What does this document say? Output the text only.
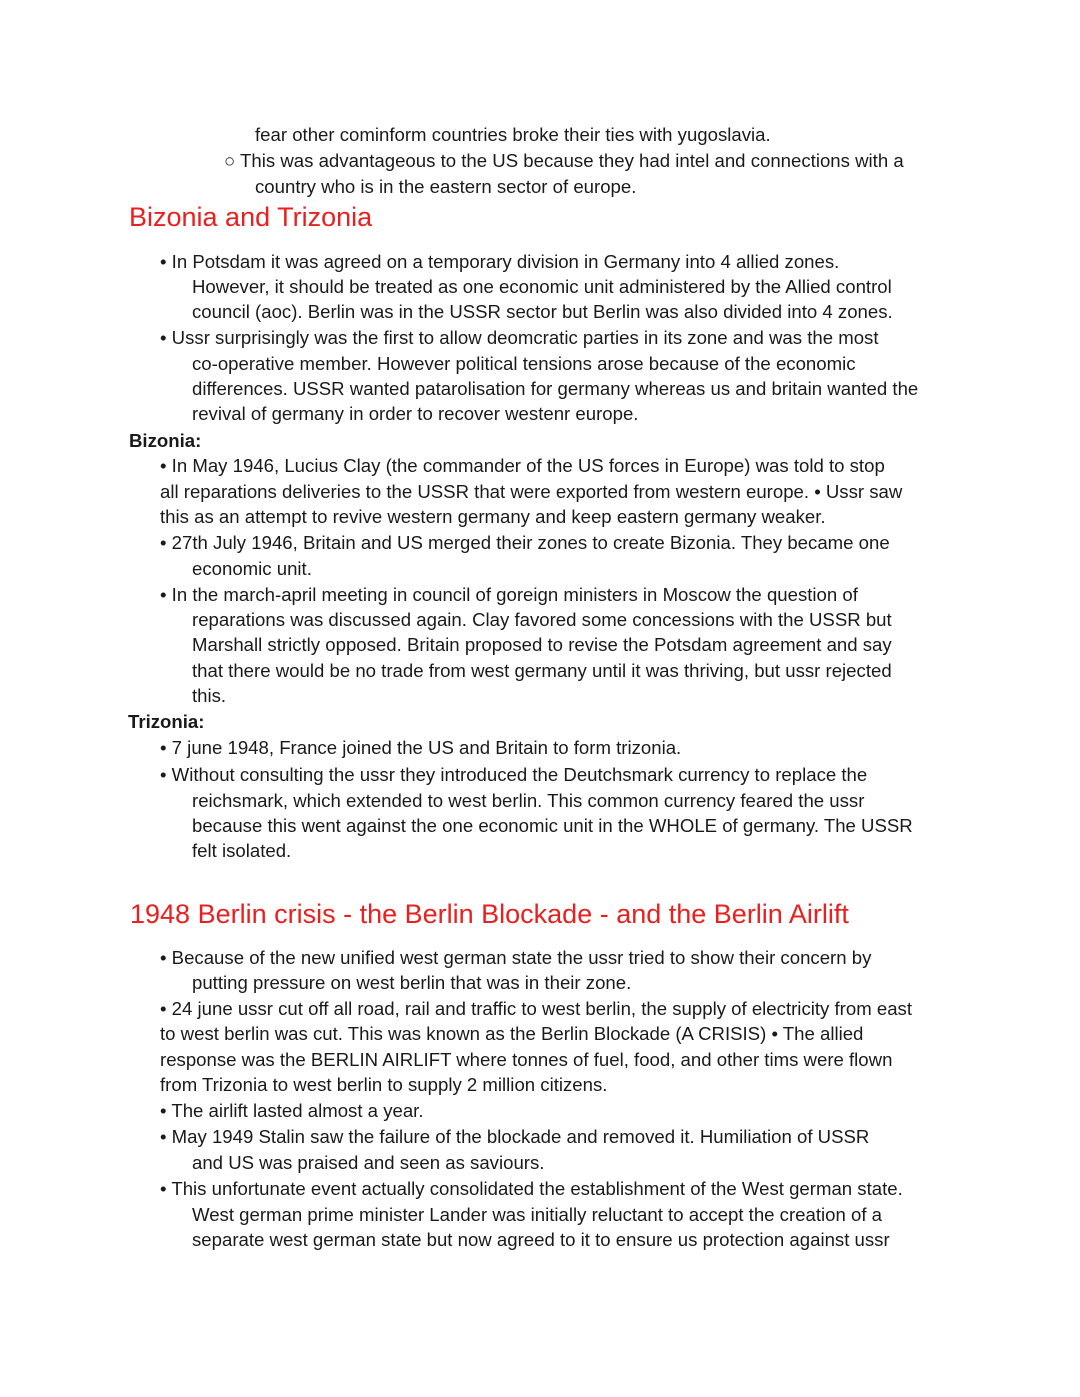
fear other cominform countries broke their ties with yugoslavia.

○ This was advantageous to the US because they had intel and connections with a

country who is in the eastern sector of europe.

Bizonia and Trizonia

• In Potsdam it was agreed on a temporary division in Germany into 4 allied zones.

However, it should be treated as one economic unit administered by the Allied control

council (aoc). Berlin was in the USSR sector but Berlin was also divided into 4 zones.

• Ussr surprisingly was the first to allow deomcratic parties in its zone and was the most

co-operative member. However political tensions arose because of the economic

differences. USSR wanted patarolisation for germany whereas us and britain wanted the

revival of germany in order to recover westenr europe.

Bizonia:

• In May 1946, Lucius Clay (the commander of the US forces in Europe) was told to stop

all reparations deliveries to the USSR that were exported from western europe. • Ussr saw

this as an attempt to revive western germany and keep eastern germany weaker.

• 27th July 1946, Britain and US merged their zones to create Bizonia. They became one

economic unit.

• In the march-april meeting in council of goreign ministers in Moscow the question of

reparations was discussed again. Clay favored some concessions with the USSR but

Marshall strictly opposed. Britain proposed to revise the Potsdam agreement and say

that there would be no trade from west germany until it was thriving, but ussr rejected

this.

Trizonia:

• 7 june 1948, France joined the US and Britain to form trizonia.

• Without consulting the ussr they introduced the Deutchsmark currency to replace the

reichsmark, which extended to west berlin. This common currency feared the ussr

because this went against the one economic unit in the WHOLE of germany. The USSR

felt isolated.

1948 Berlin crisis - the Berlin Blockade - and the Berlin Airlift

• Because of the new unified west german state the ussr tried to show their concern by

putting pressure on west berlin that was in their zone.

• 24 june ussr cut off all road, rail and traffic to west berlin, the supply of electricity from east

to west berlin was cut. This was known as the Berlin Blockade (A CRISIS) • The allied

response was the BERLIN AIRLIFT where tonnes of fuel, food, and other tims were flown

from Trizonia to west berlin to supply 2 million citizens.

• The airlift lasted almost a year.

• May 1949 Stalin saw the failure of the blockade and removed it. Humiliation of USSR

and US was praised and seen as saviours.

• This unfortunate event actually consolidated the establishment of the West german state.

West german prime minister Lander was initially reluctant to accept the creation of a

separate west german state but now agreed to it to ensure us protection against ussr
